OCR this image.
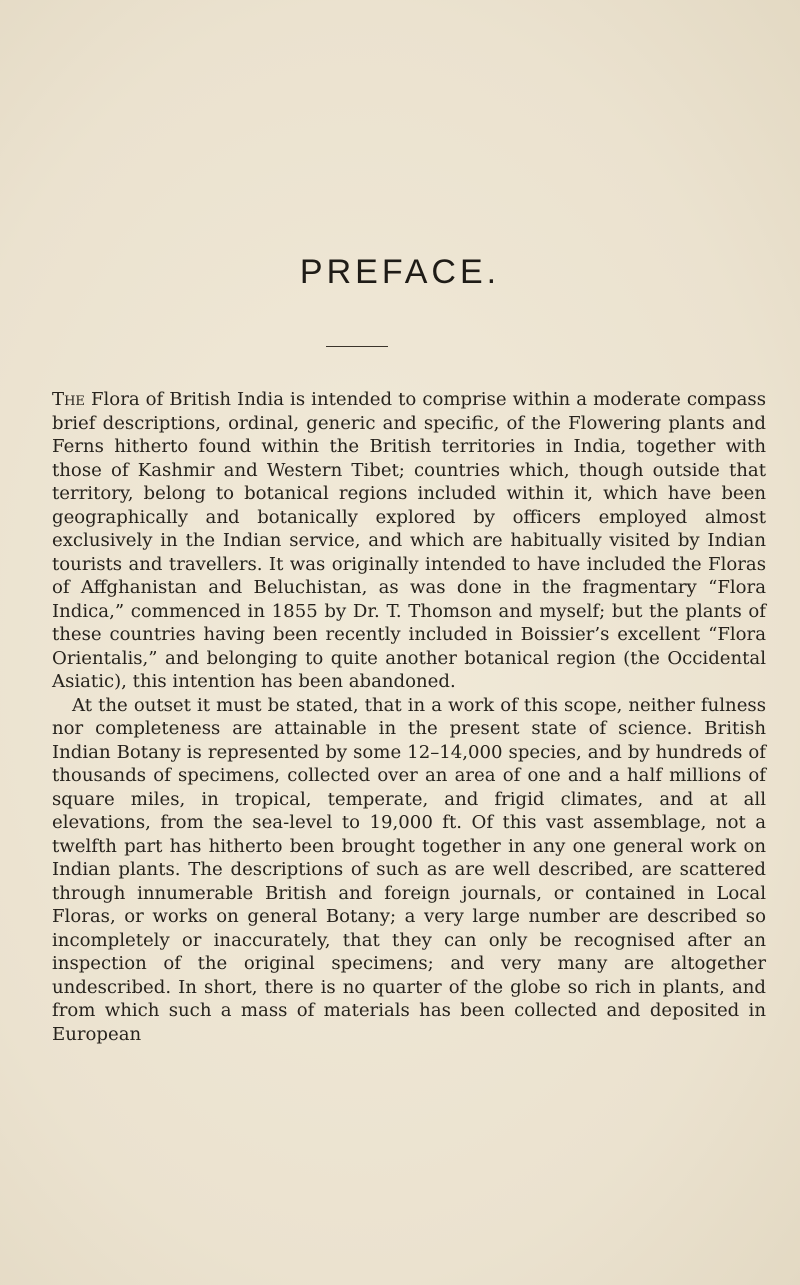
PREFACE.

The Flora of British India is intended to comprise within a moderate compass brief descriptions, ordinal, generic and specific, of the Flowering plants and Ferns hitherto found within the British territories in India, together with those of Kashmir and Western Tibet; countries which, though outside that territory, belong to botanical regions included within it, which have been geographically and botanically explored by officers employed almost exclusively in the Indian service, and which are habitually visited by Indian tourists and travellers. It was originally intended to have included the Floras of Affghanistan and Beluchistan, as was done in the fragmentary “Flora Indica,” commenced in 1855 by Dr. T. Thomson and myself; but the plants of these countries having been recently included in Boissier’s excellent “Flora Orientalis,” and belonging to quite another botanical region (the Occidental Asiatic), this intention has been abandoned.

At the outset it must be stated, that in a work of this scope, neither fulness nor completeness are attainable in the present state of science. British Indian Botany is represented by some 12–14,000 species, and by hundreds of thousands of specimens, collected over an area of one and a half millions of square miles, in tropical, temperate, and frigid climates, and at all elevations, from the sea-level to 19,000 ft. Of this vast assemblage, not a twelfth part has hitherto been brought together in any one general work on Indian plants. The descriptions of such as are well described, are scattered through innumerable British and foreign journals, or contained in Local Floras, or works on general Botany; a very large number are described so incompletely or inaccurately, that they can only be recognised after an inspection of the original specimens; and very many are altogether undescribed. In short, there is no quarter of the globe so rich in plants, and from which such a mass of materials has been collected and deposited in European
